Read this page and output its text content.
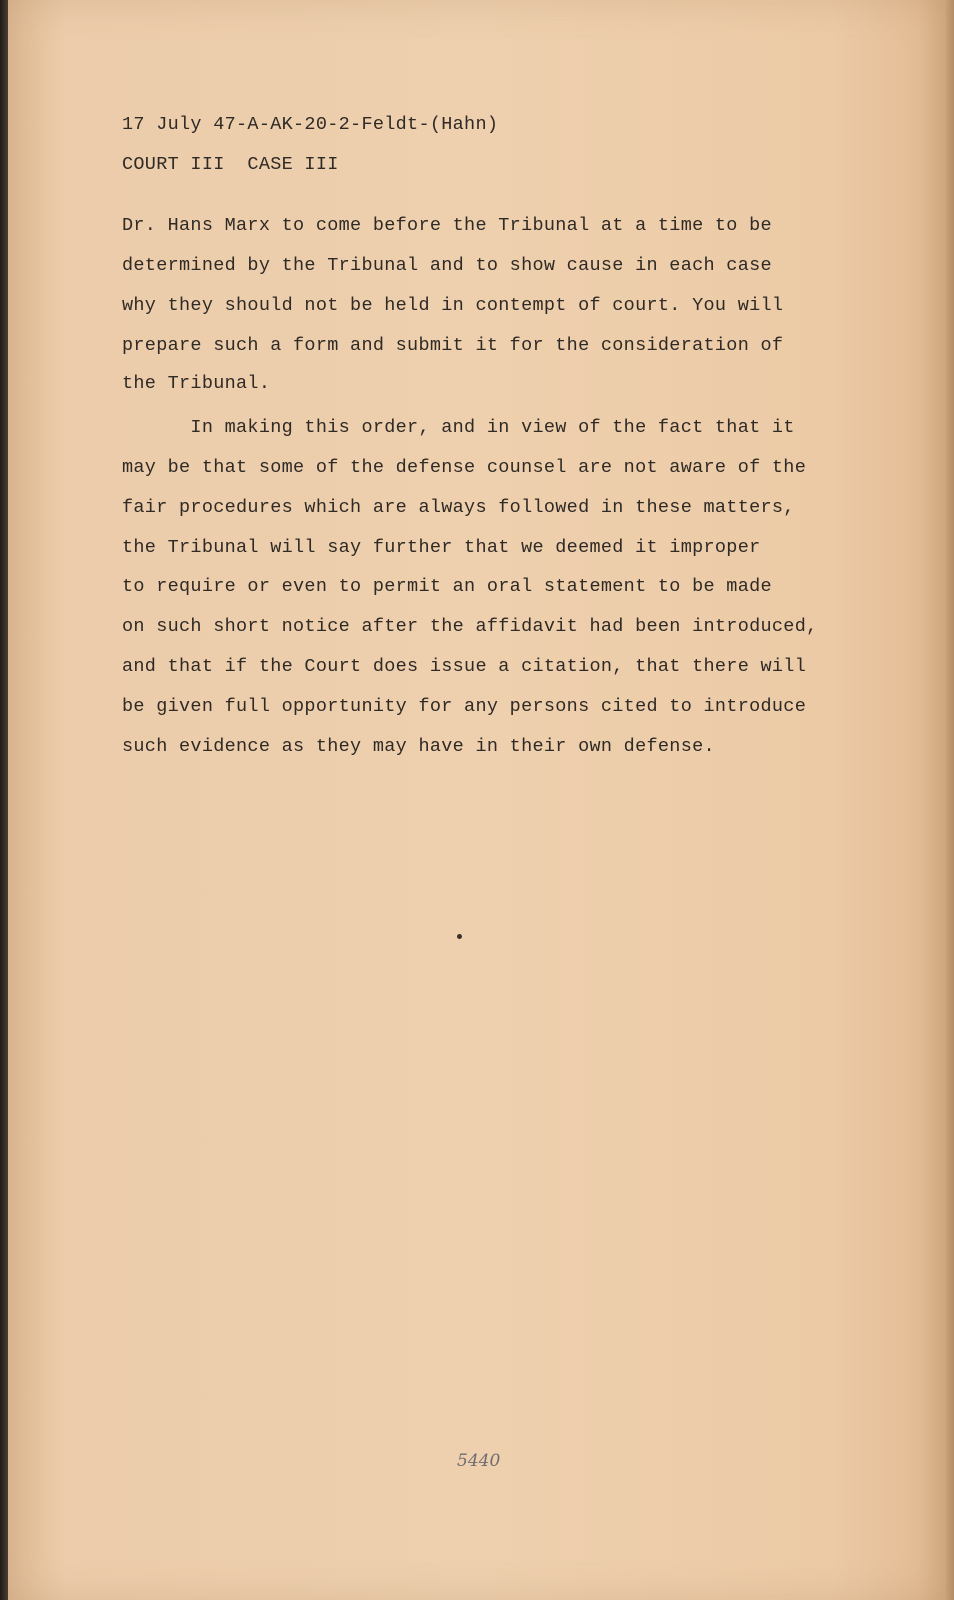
17 July 47-A-AK-20-2-Feldt-(Hahn)
COURT III  CASE III
Dr. Hans Marx to come before the Tribunal at a time to be
determined by the Tribunal and to show cause in each case
why they should not be held in contempt of court. You will
prepare such a form and submit it for the consideration of
the Tribunal.
In making this order, and in view of the fact that it
may be that some of the defense counsel are not aware of the
fair procedures which are always followed in these matters,
the Tribunal will say further that we deemed it improper
to require or even to permit an oral statement to be made
on such short notice after the affidavit had been introduced,
and that if the Court does issue a citation, that there will
be given full opportunity for any persons cited to introduce
such evidence as they may have in their own defense.
5440
